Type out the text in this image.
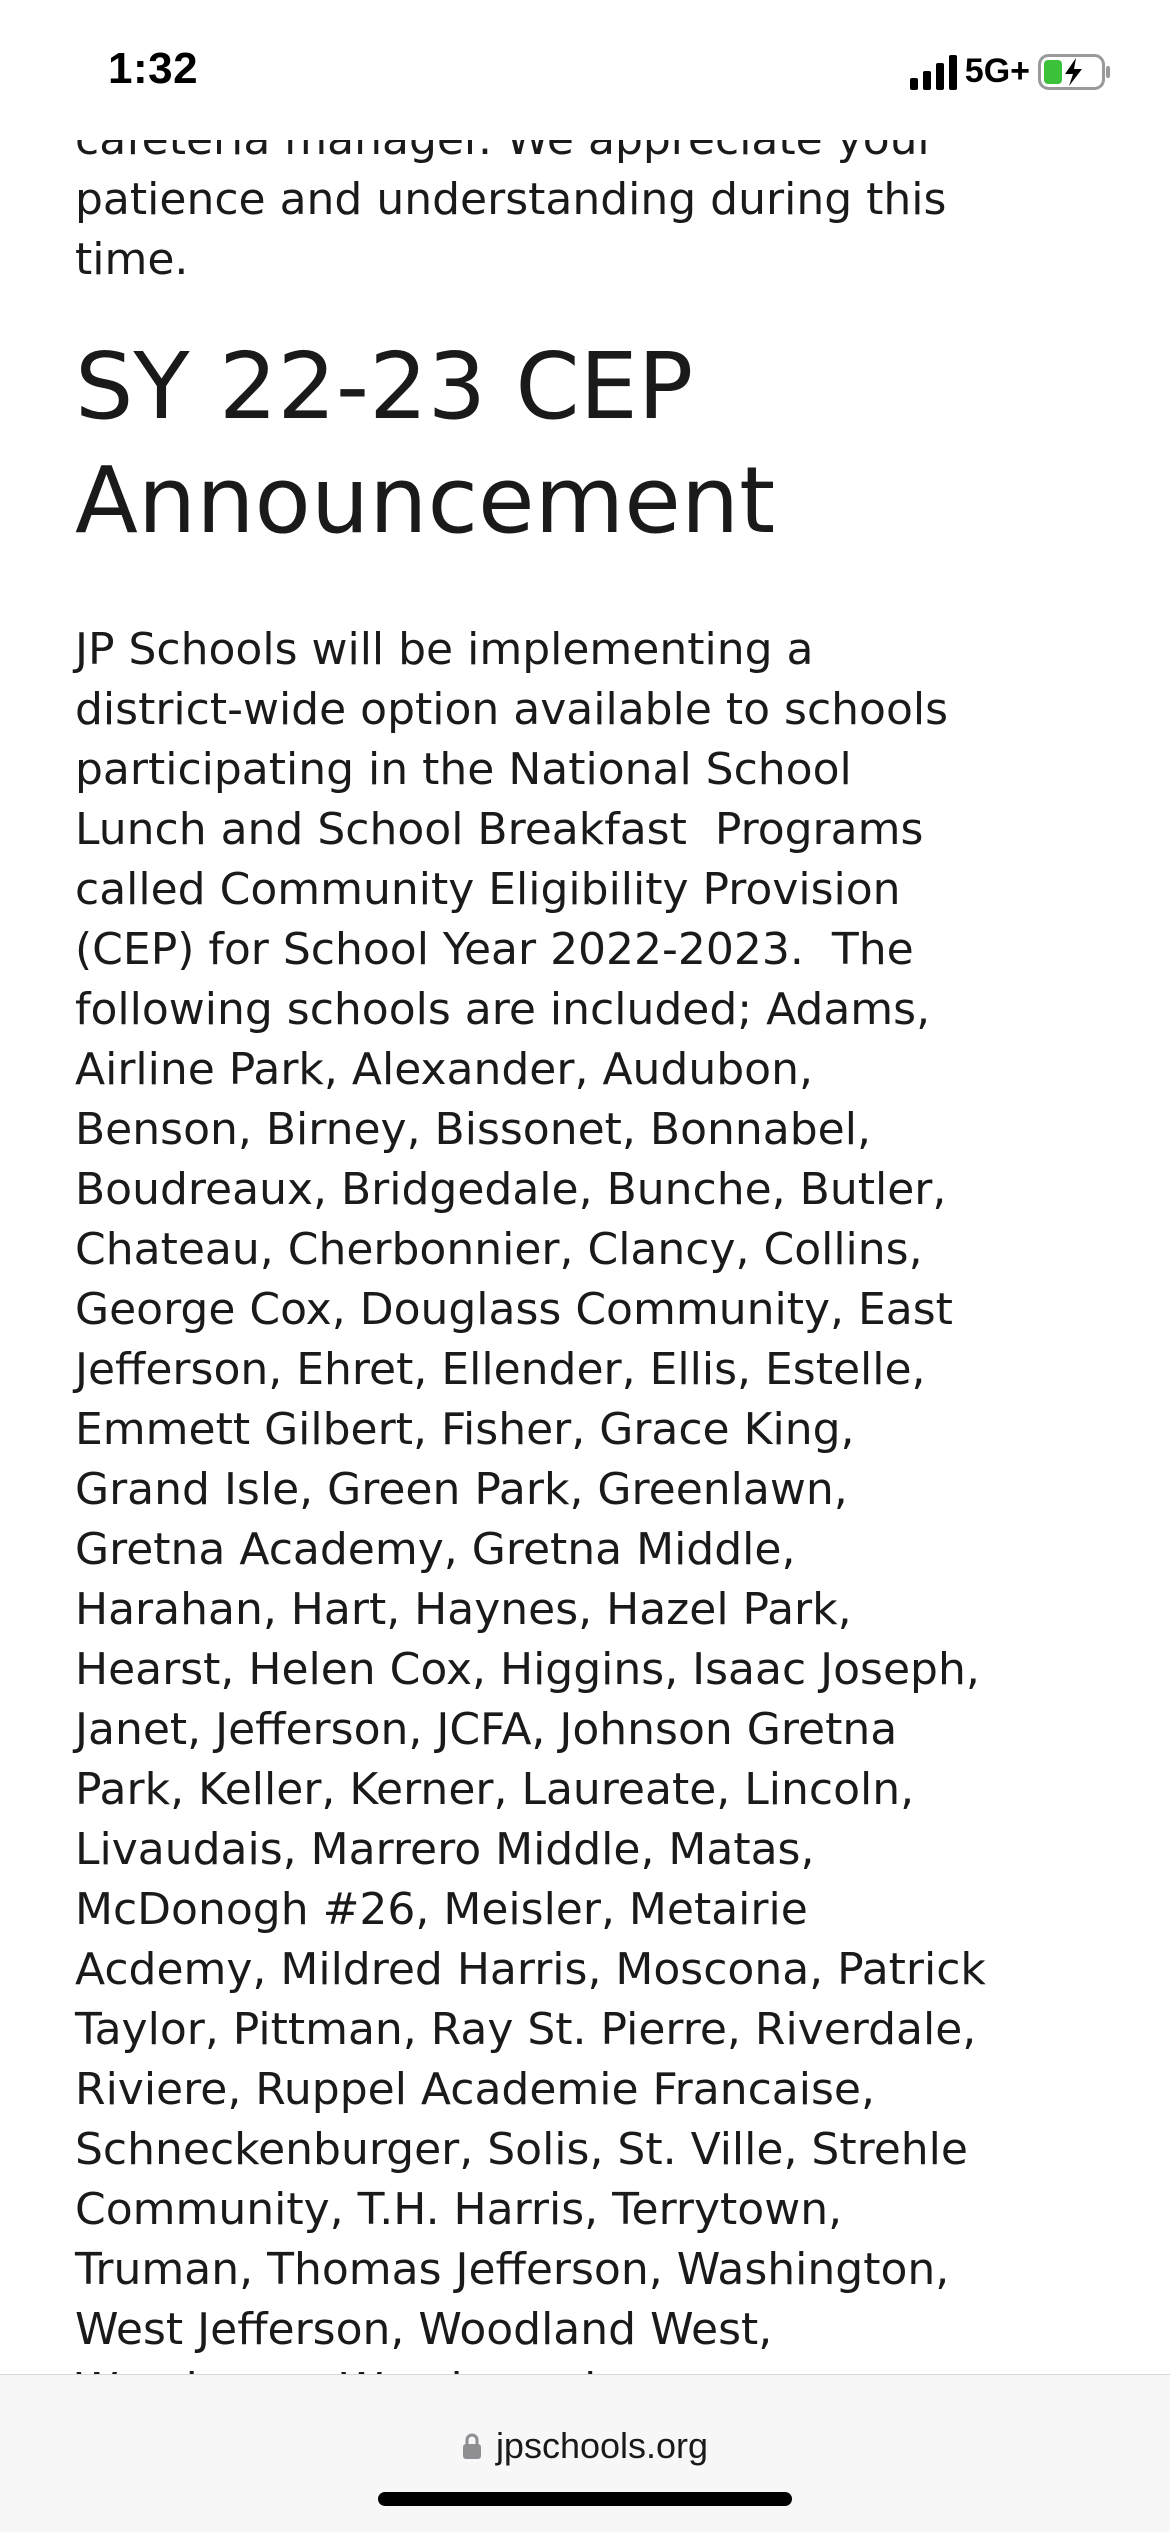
1:32	5G+

patience and understanding during this time.

SY 22-23 CEP Announcement

JP Schools will be implementing a district-wide option available to schools participating in the National School Lunch and School Breakfast  Programs called Community Eligibility Provision (CEP) for School Year 2022-2023.  The following schools are included; Adams, Airline Park, Alexander, Audubon, Benson, Birney, Bissonet, Bonnabel, Boudreaux, Bridgedale, Bunche, Butler, Chateau, Cherbonnier, Clancy, Collins, George Cox, Douglass Community, East Jefferson, Ehret, Ellender, Ellis, Estelle, Emmett Gilbert, Fisher, Grace King, Grand Isle, Green Park, Greenlawn, Gretna Academy, Gretna Middle, Harahan, Hart, Haynes, Hazel Park, Hearst, Helen Cox, Higgins, Isaac Joseph, Janet, Jefferson, JCFA, Johnson Gretna Park, Keller, Kerner, Laureate, Lincoln, Livaudais, Marrero Middle, Matas, McDonogh #26, Meisler, Metairie Acdemy, Mildred Harris, Moscona, Patrick Taylor, Pittman, Ray St. Pierre, Riverdale, Riviere, Ruppel Academie Francaise, Schneckenburger, Solis, St. Ville, Strehle Community, T.H. Harris, Terrytown, Truman, Thomas Jefferson, Washington, West Jefferson, Woodland West,

jpschools.org
